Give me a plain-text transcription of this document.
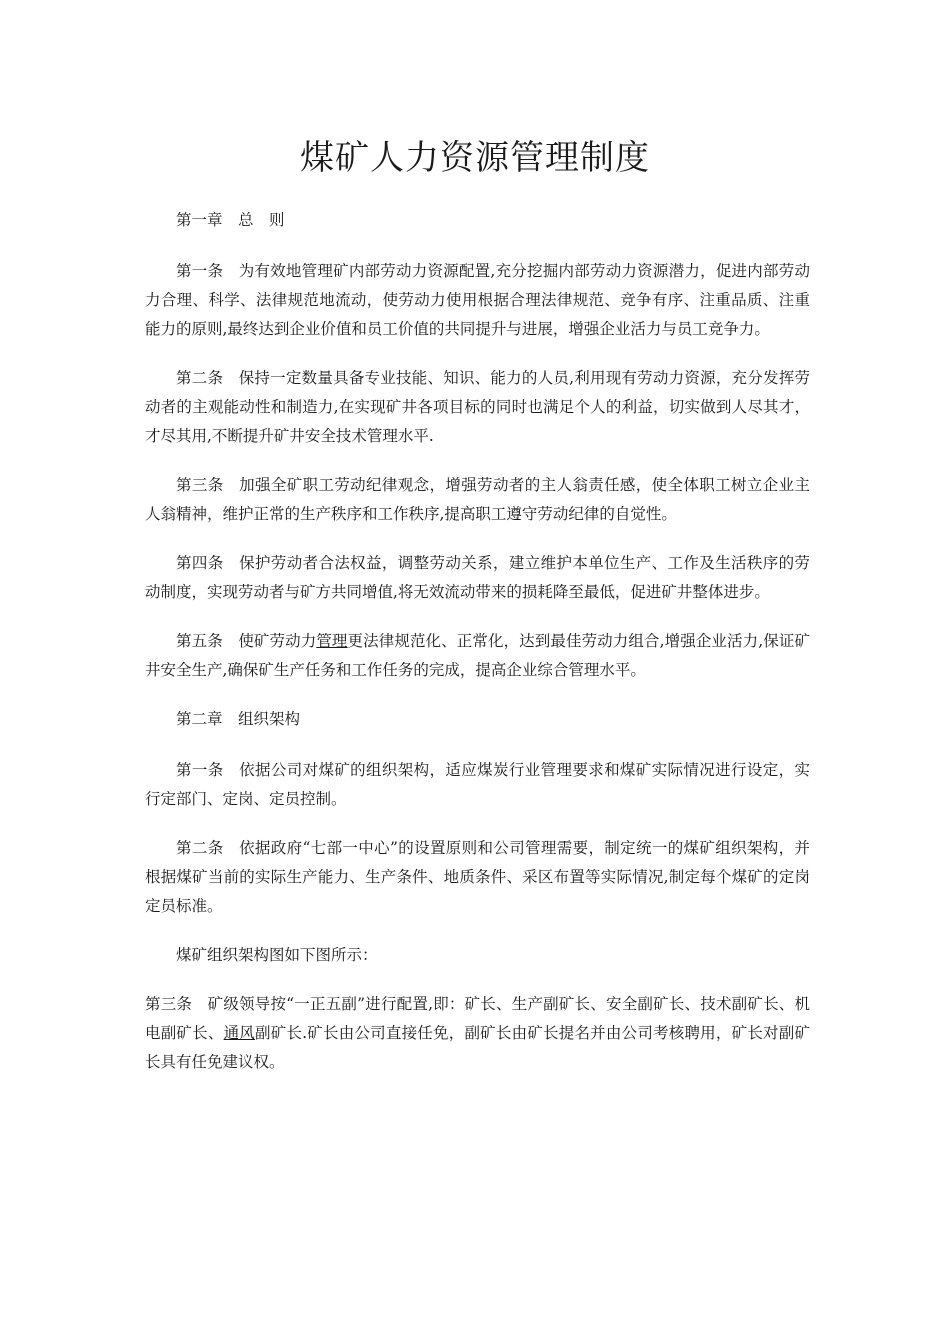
煤矿人力资源管理制度

第一章　总　则

第一条 为有效地管理矿内部劳动力资源配置,充分挖掘内部劳动力资源潜力，促进内部劳动力合理、科学、法律规范地流动，使劳动力使用根据合理法律规范、竞争有序、注重品质、注重能力的原则,最终达到企业价值和员工价值的共同提升与进展，增强企业活力与员工竞争力。

第二条 保持一定数量具备专业技能、知识、能力的人员,利用现有劳动力资源，充分发挥劳动者的主观能动性和制造力,在实现矿井各项目标的同时也满足个人的利益，切实做到人尽其才，才尽其用,不断提升矿井安全技术管理水平.

第三条 加强全矿职工劳动纪律观念，增强劳动者的主人翁责任感，使全体职工树立企业主人翁精神，维护正常的生产秩序和工作秩序,提高职工遵守劳动纪律的自觉性。

第四条 保护劳动者合法权益，调整劳动关系，建立维护本单位生产、工作及生活秩序的劳动制度，实现劳动者与矿方共同增值,将无效流动带来的损耗降至最低，促进矿井整体进步。

第五条 使矿劳动力管理更法律规范化、正常化，达到最佳劳动力组合,增强企业活力,保证矿井安全生产,确保矿生产任务和工作任务的完成，提高企业综合管理水平。

第二章　组织架构

第一条 依据公司对煤矿的组织架构，适应煤炭行业管理要求和煤矿实际情况进行设定，实行定部门、定岗、定员控制。

第二条 依据政府“七部一中心”的设置原则和公司管理需要，制定统一的煤矿组织架构，并根据煤矿当前的实际生产能力、生产条件、地质条件、采区布置等实际情况,制定每个煤矿的定岗定员标准。

煤矿组织架构图如下图所示：

第三条 矿级领导按“一正五副”进行配置,即：矿长、生产副矿长、安全副矿长、技术副矿长、机电副矿长、通风副矿长.矿长由公司直接任免，副矿长由矿长提名并由公司考核聘用，矿长对副矿长具有任免建议权。
